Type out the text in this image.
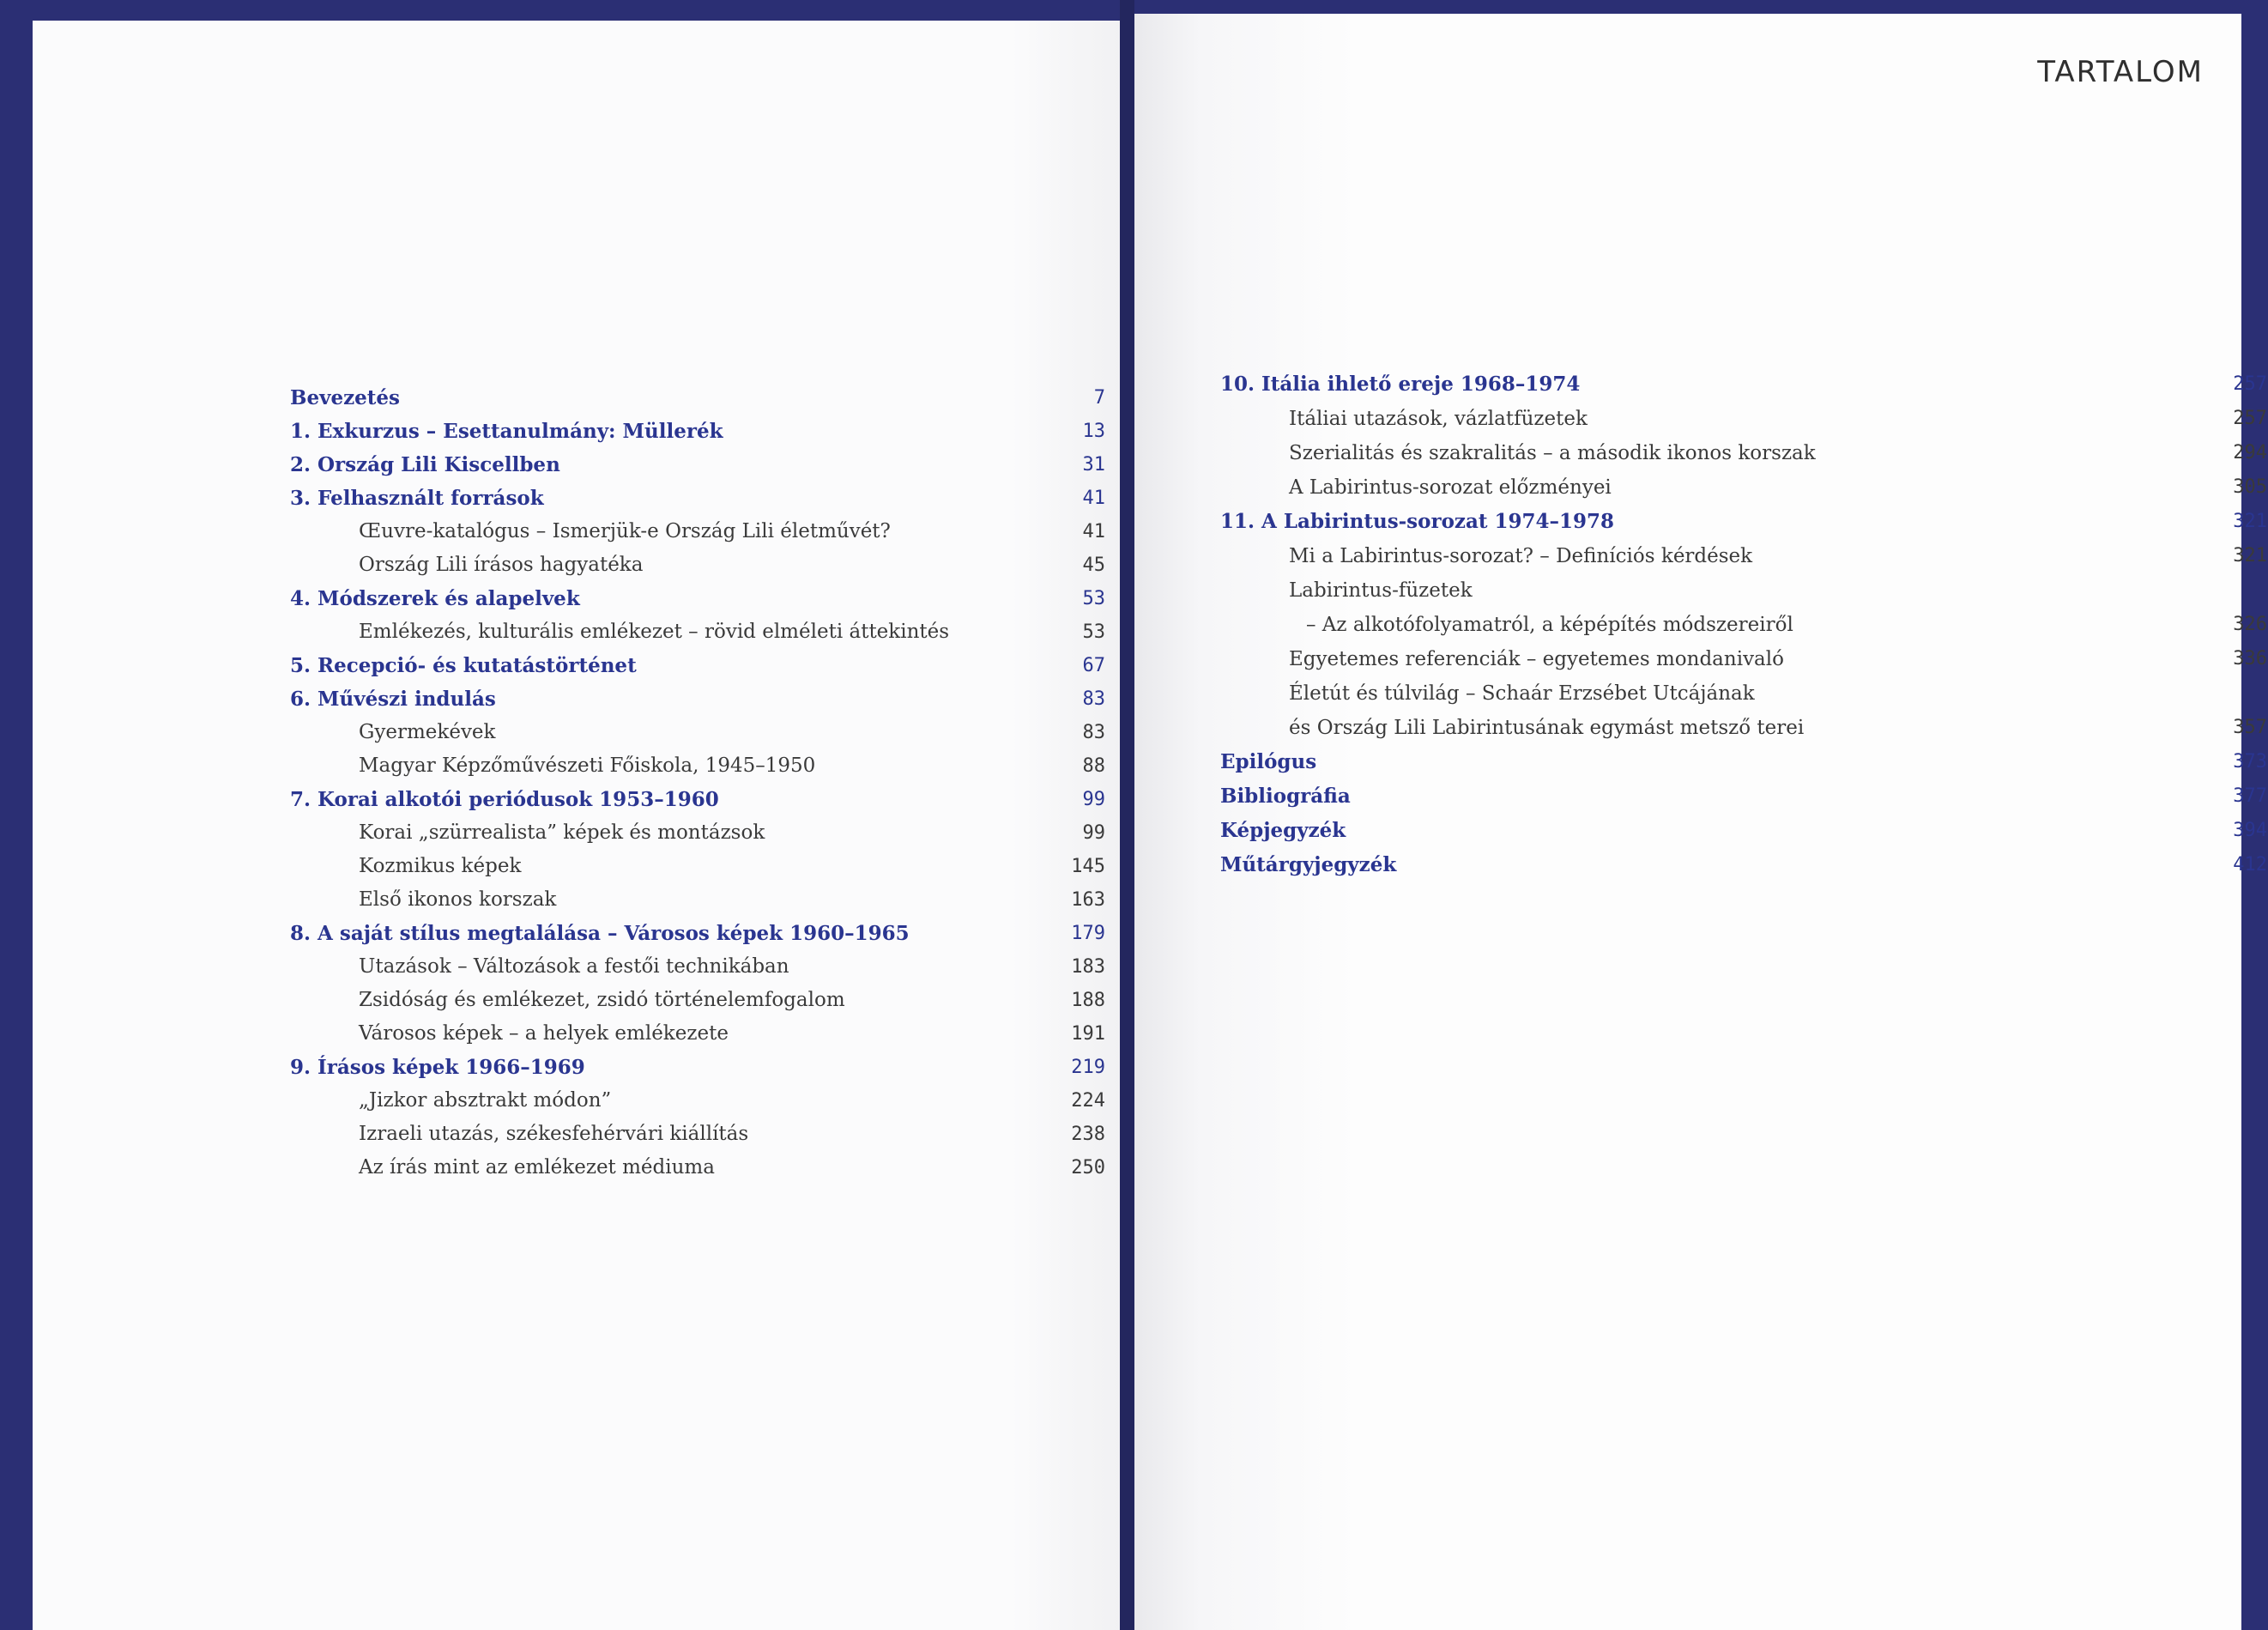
Bevezetés	7
1. Exkurzus – Esettanulmány: Müllerék	13
2. Ország Lili Kiscellben	31
3. Felhasznált források	41
Œuvre-katalógus – Ismerjük-e Ország Lili életművét?	41
Ország Lili írásos hagyatéka	45
4. Módszerek és alapelvek	53
Emlékezés, kulturális emlékezet – rövid elméleti áttekintés	53
5. Recepció- és kutatástörténet	67
6. Művészi indulás	83
Gyermekévek	83
Magyar Képzőművészeti Főiskola, 1945–1950	88
7. Korai alkotói periódusok 1953–1960	99
Korai „szürrealista” képek és montázsok	99
Kozmikus képek	145
Első ikonos korszak	163
8. A saját stílus megtalálása – Városos képek 1960–1965	179
Utazások – Változások a festői technikában	183
Zsidóság és emlékezet, zsidó történelemfogalom	188
Városos képek – a helyek emlékezete	191
9. Írásos képek 1966–1969	219
„Jizkor absztrakt módon”	224
Izraeli utazás, székesfehérvári kiállítás	238
Az írás mint az emlékezet médiuma	250
TARTALOM
10. Itália ihlető ereje 1968–1974	257
Itáliai utazások, vázlatfüzetek	257
Szerialitás és szakralitás – a második ikonos korszak	294
A Labirintus-sorozat előzményei	305
11. A Labirintus-sorozat 1974–1978	321
Mi a Labirintus-sorozat? – Definíciós kérdések	321
Labirintus-füzetek
– Az alkotófolyamatról, a képépítés módszereiről	326
Egyetemes referenciák – egyetemes mondanivaló	336
Életút és túlvilág – Schaár Erzsébet Utcájának
és Ország Lili Labirintusának egymást metsző terei	357
Epilógus	373
Bibliográfia	377
Képjegyzék	394
Műtárgyjegyzék	412
